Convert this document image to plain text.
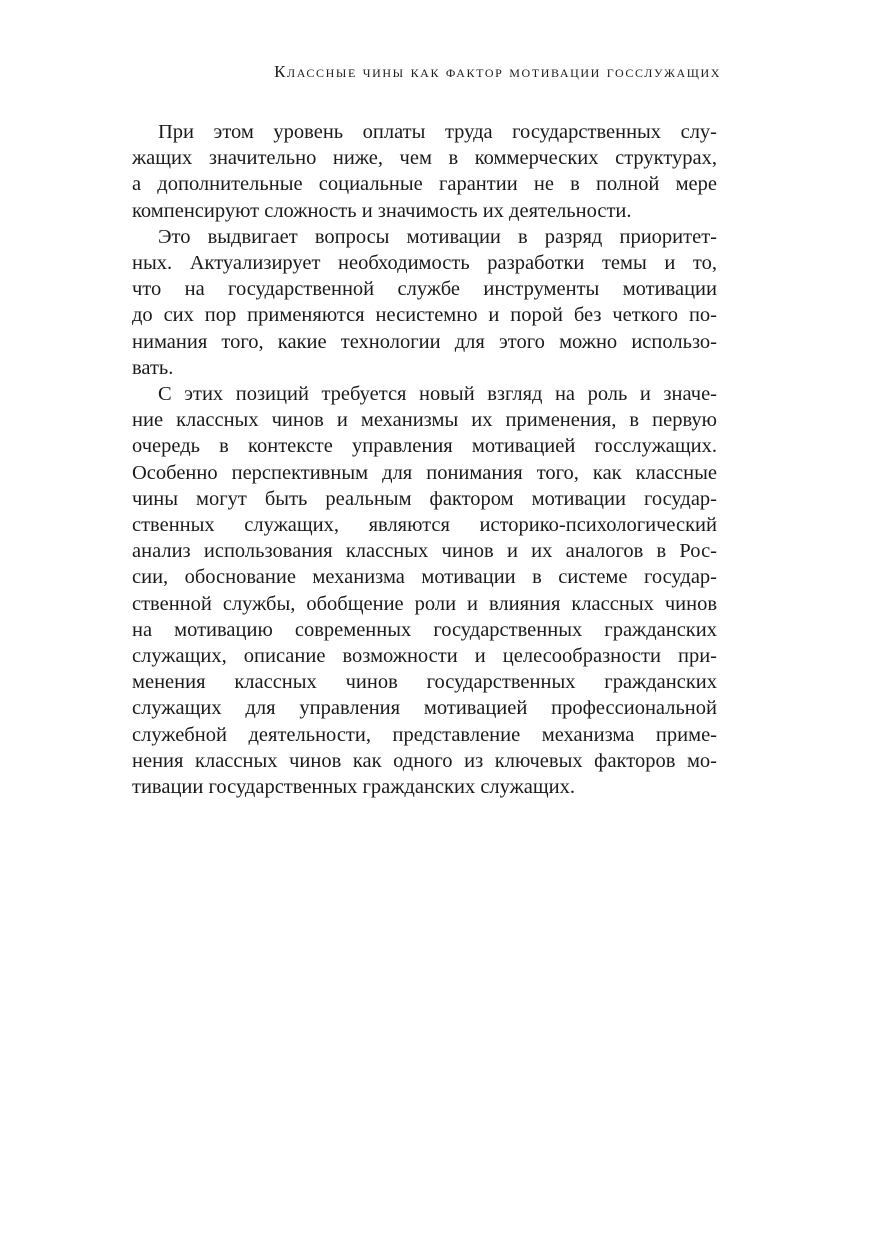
Классные чины как фактор мотивации госслужащих

При этом уровень оплаты труда государственных слу-
жащих значительно ниже, чем в коммерческих структурах,
а дополнительные социальные гарантии не в полной мере
компенсируют сложность и значимость их деятельности.

Это выдвигает вопросы мотивации в разряд приоритет-
ных. Актуализирует необходимость разработки темы и то,
что на государственной службе инструменты мотивации
до сих пор применяются несистемно и порой без четкого по-
нимания того, какие технологии для этого можно использо-
вать.

С этих позиций требуется новый взгляд на роль и значе-
ние классных чинов и механизмы их применения, в первую
очередь в контексте управления мотивацией госслужащих.
Особенно перспективным для понимания того, как классные
чины могут быть реальным фактором мотивации государ-
ственных служащих, являются историко-психологический
анализ использования классных чинов и их аналогов в Рос-
сии, обоснование механизма мотивации в системе государ-
ственной службы, обобщение роли и влияния классных чинов
на мотивацию современных государственных гражданских
служащих, описание возможности и целесообразности при-
менения классных чинов государственных гражданских
служащих для управления мотивацией профессиональной
служебной деятельности, представление механизма приме-
нения классных чинов как одного из ключевых факторов мо-
тивации государственных гражданских служащих.
